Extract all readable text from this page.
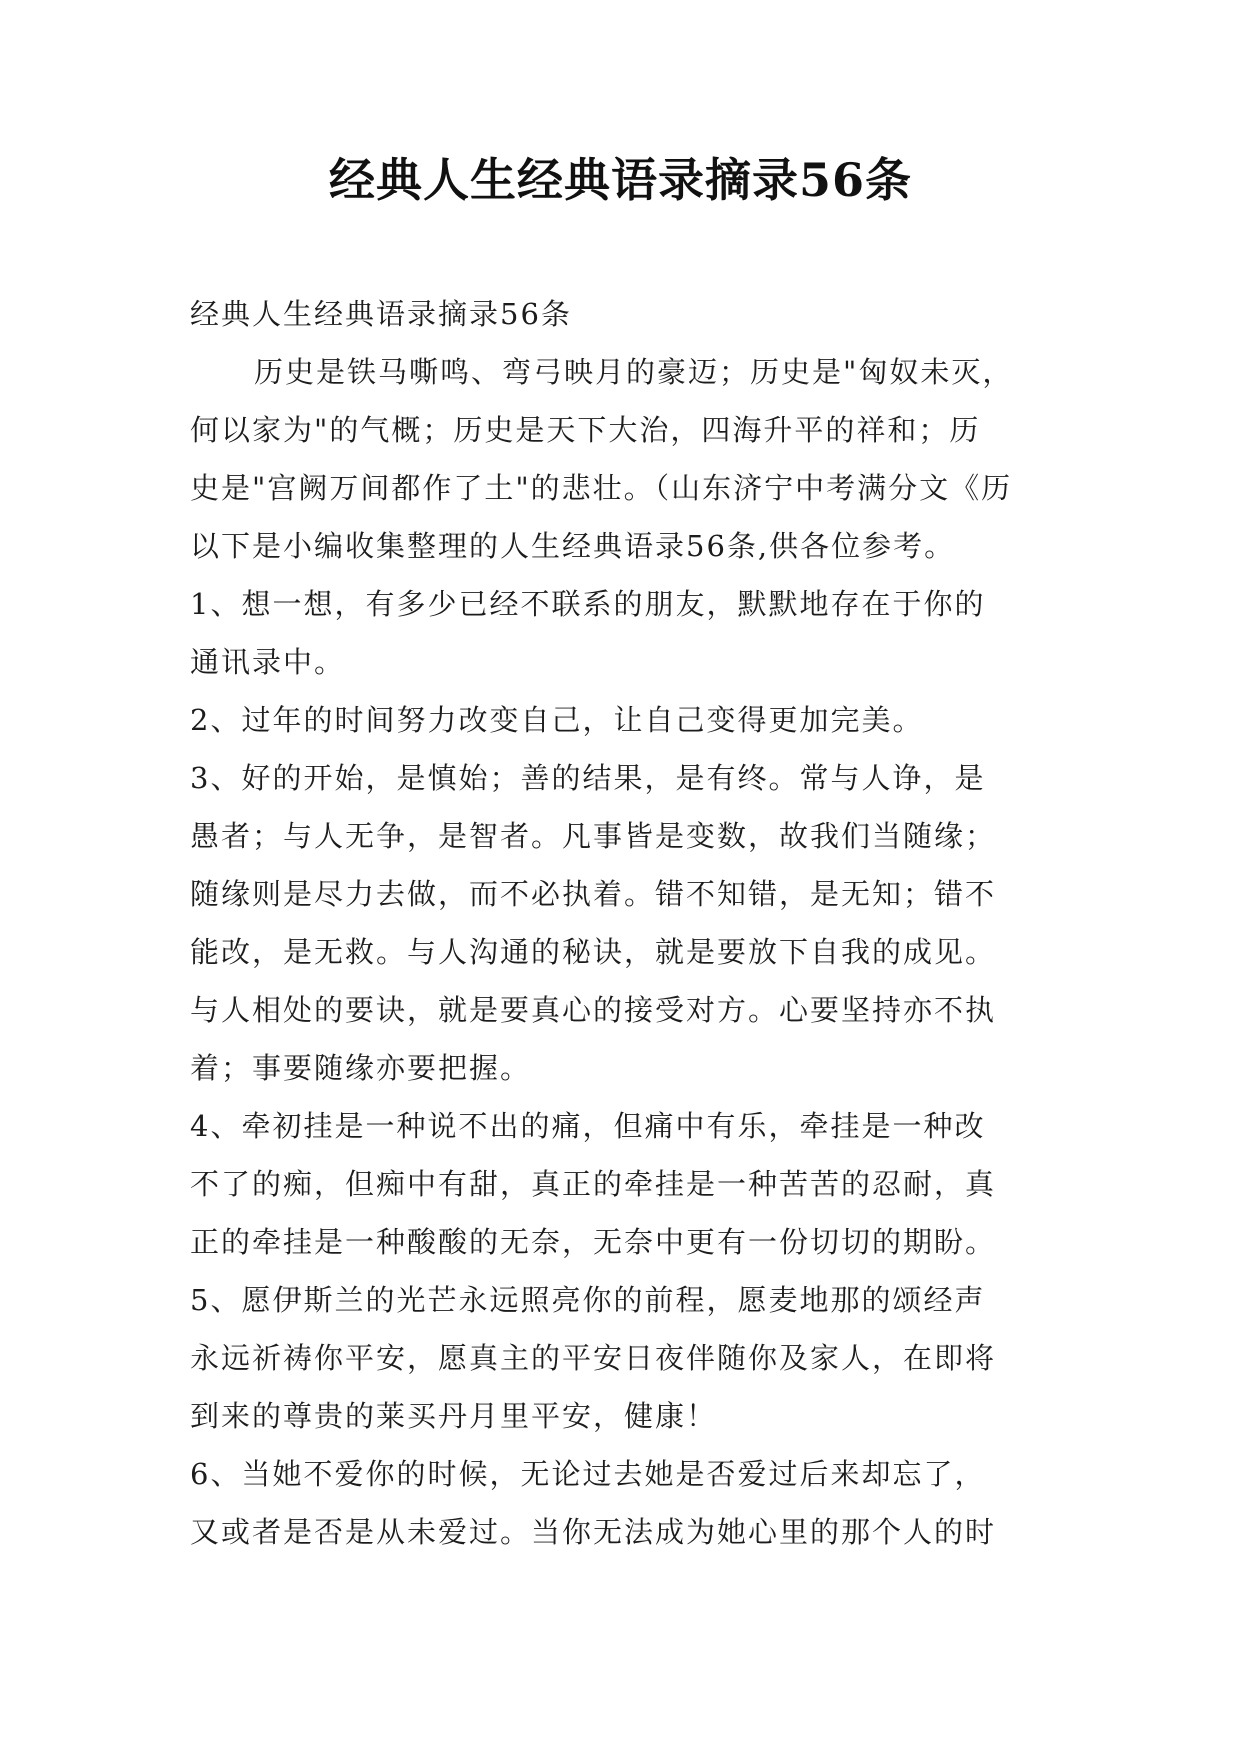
经典人生经典语录摘录56条
经典人生经典语录摘录56条
历史是铁马嘶鸣、弯弓映月的豪迈；历史是"匈奴未灭，
何以家为"的气概；历史是天下大治，四海升平的祥和；历
史是"宫阙万间都作了土"的悲壮。（山东济宁中考满分文《历
以下是小编收集整理的人生经典语录56条,供各位参考。
1、想一想，有多少已经不联系的朋友，默默地存在于你的
通讯录中。
2、过年的时间努力改变自己，让自己变得更加完美。
3、好的开始，是慎始；善的结果，是有终。常与人诤，是
愚者；与人无争，是智者。凡事皆是变数，故我们当随缘；
随缘则是尽力去做，而不必执着。错不知错，是无知；错不
能改，是无救。与人沟通的秘诀，就是要放下自我的成见。
与人相处的要诀，就是要真心的接受对方。心要坚持亦不执
着；事要随缘亦要把握。
4、牵初挂是一种说不出的痛，但痛中有乐，牵挂是一种改
不了的痴，但痴中有甜，真正的牵挂是一种苦苦的忍耐，真
正的牵挂是一种酸酸的无奈，无奈中更有一份切切的期盼。
5、愿伊斯兰的光芒永远照亮你的前程，愿麦地那的颂经声
永远祈祷你平安，愿真主的平安日夜伴随你及家人，在即将
到来的尊贵的莱买丹月里平安，健康！
6、当她不爱你的时候，无论过去她是否爱过后来却忘了，
又或者是否是从未爱过。当你无法成为她心里的那个人的时
